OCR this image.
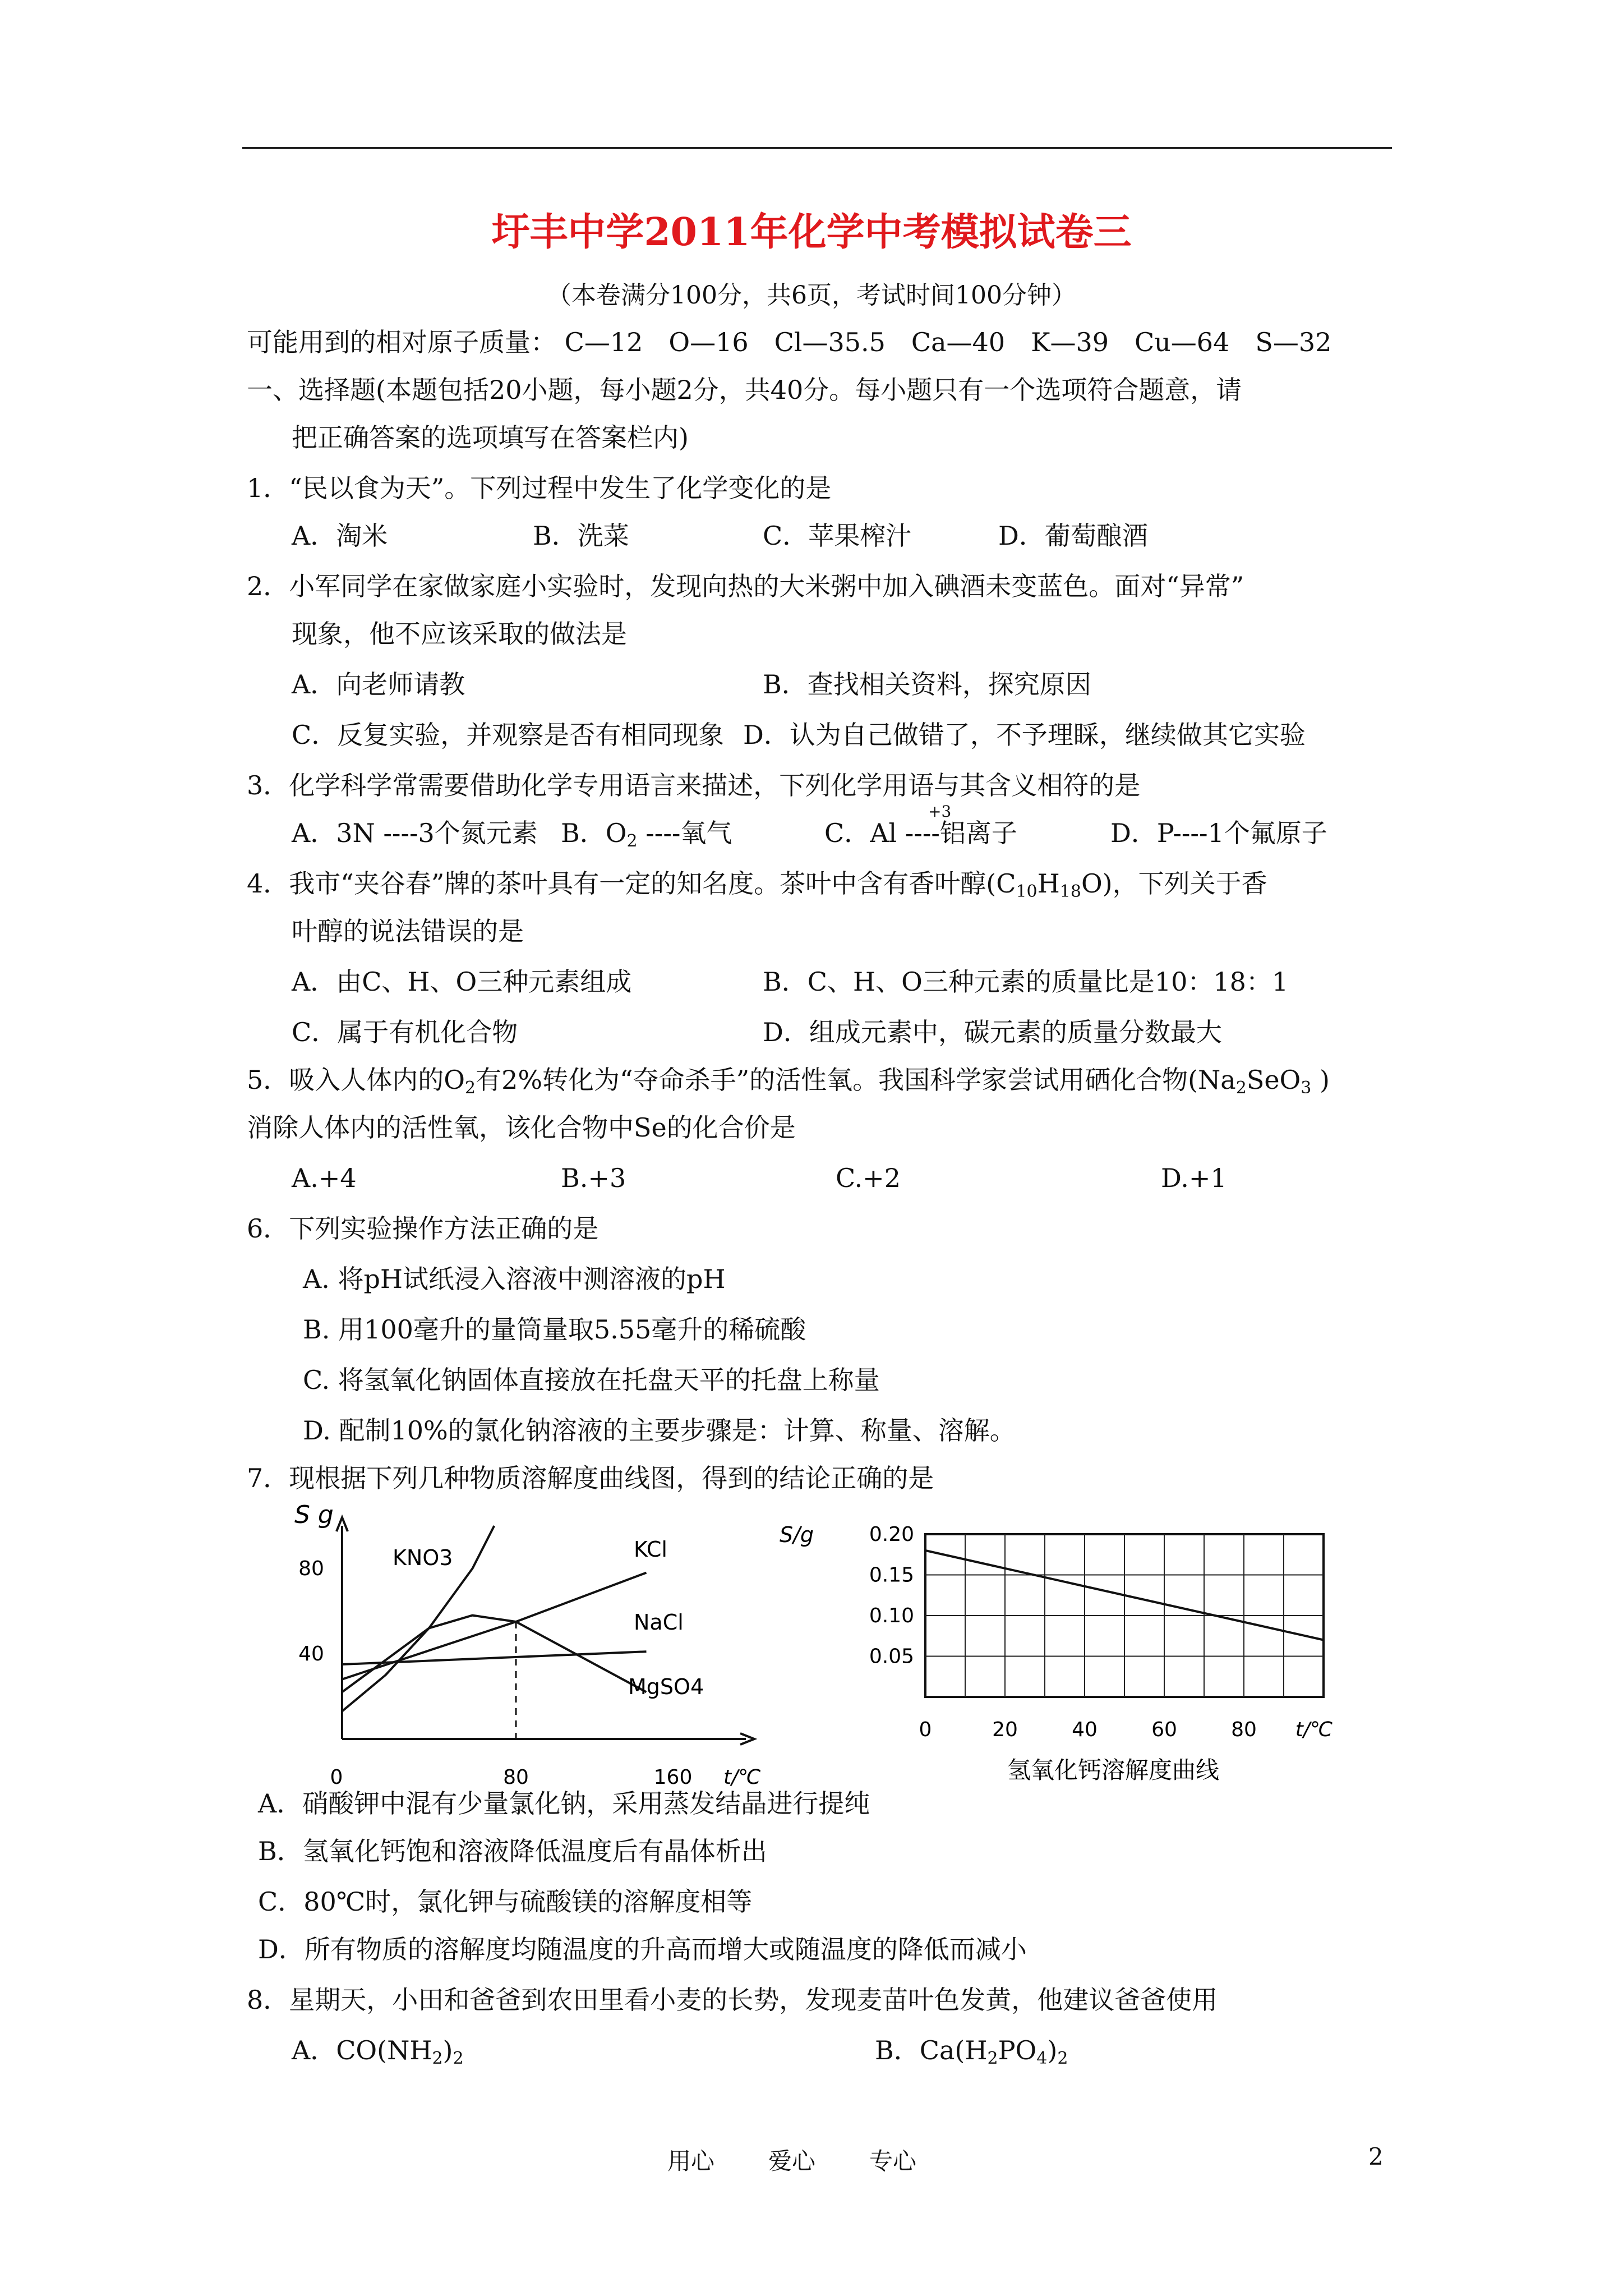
圩丰中学2011年化学中考模拟试卷三
（本卷满分100分，共6页，考试时间100分钟）
可能用到的相对原子质量： C—12　O—16　Cl—35.5　Ca—40　K—39　Cu—64　S—32
一、选择题(本题包括20小题，每小题2分，共40分。每小题只有一个选项符合题意，请
把正确答案的选项填写在答案栏内)
1．“民以食为天”。下列过程中发生了化学变化的是
A．淘米	B．洗菜	C．苹果榨汁	D．葡萄酿酒
2．小军同学在家做家庭小实验时，发现向热的大米粥中加入碘酒未变蓝色。面对“异常”
现象，他不应该采取的做法是
A．向老师请教	B．查找相关资料，探究原因
C．反复实验，并观察是否有相同现象 D．认为自己做错了，不予理睬，继续做其它实验
3．化学科学常需要借助化学专用语言来描述，下列化学用语与其含义相符的是
A．3N ----3个氮元素 B．$O_2$ ----氧气
+3
C．Al ----铝离子	D．P----1个氟原子
4．我市“夹谷春”牌的茶叶具有一定的知名度。茶叶中含有香叶醇$(C_{10}H_{18}O)$，下列关于香
叶醇的说法错误的是
A．由C、H、O三种元素组成	B．C、H、O三种元素的质量比是10：18：1
C．属于有机化合物	D．组成元素中，碳元素的质量分数最大
5．吸入人体内的$O_2$有2%转化为“夺命杀手”的活性氧。我国科学家尝试用硒化合物($Na_2SeO_3$ )
消除人体内的活性氧，该化合物中Se的化合价是
A.+4	B.+3	C.+2	D.+1
6．下列实验操作方法正确的是
A. 将pH试纸浸入溶液中测溶液的pH
B. 用100毫升的量筒量取5.55毫升的稀硫酸
C. 将氢氧化钠固体直接放在托盘天平的托盘上称量
D. 配制10%的氯化钠溶液的主要步骤是：计算、称量、溶解。
7．现根据下列几种物质溶解度曲线图，得到的结论正确的是
0	80	160 t/℃
40
80
S g
KNO3	KCl
NaCl
MgSO4
0	20	40	60	80 t/℃
0.05
0.10
0.15
0.20
S/g
氢氧化钙溶解度曲线
A．硝酸钾中混有少量氯化钠，采用蒸发结晶进行提纯
B．氢氧化钙饱和溶液降低温度后有晶体析出
C．80℃时，氯化钾与硫酸镁的溶解度相等
D．所有物质的溶解度均随温度的升高而增大或随温度的降低而减小
8．星期天，小田和爸爸到农田里看小麦的长势，发现麦苗叶色发黄，他建议爸爸使用
A．$CO(NH_2)_2$	B．$Ca(H_2PO_4)_2$
用心 爱心 专心	2
